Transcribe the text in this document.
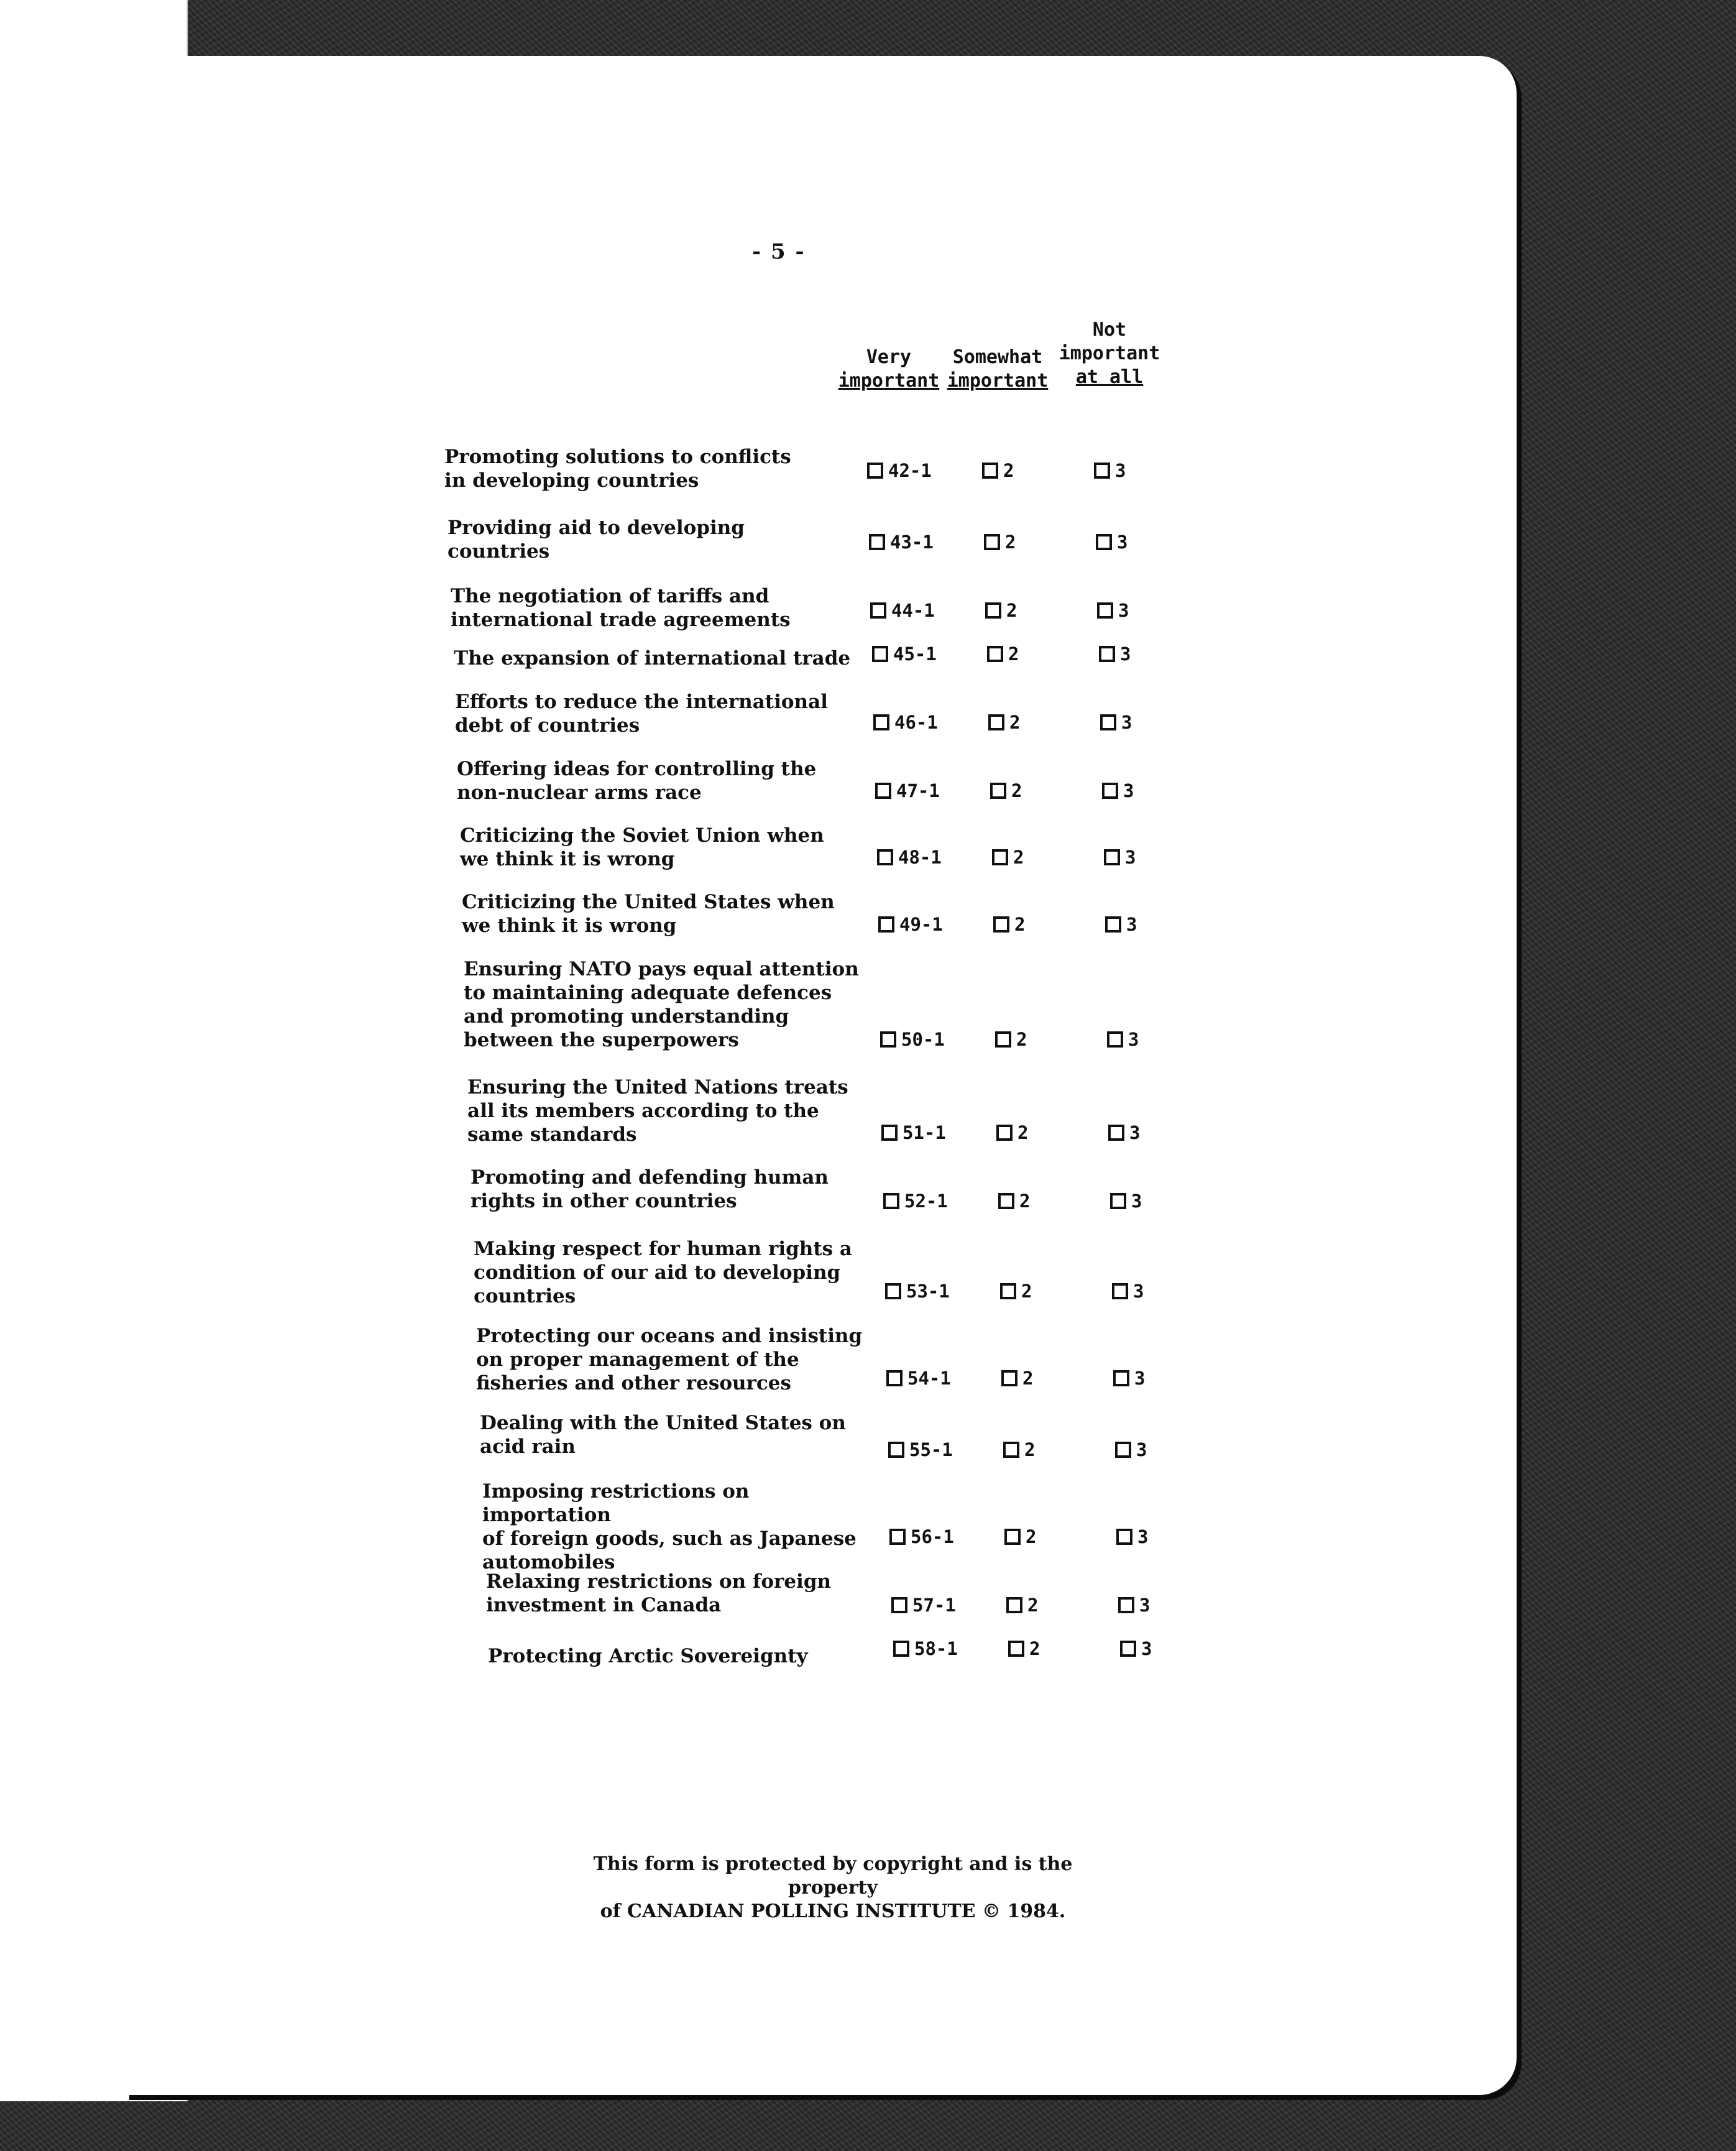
- 5 -

Very
important

Somewhat
important
Not
important
at all
Promoting solutions to conflicts
in developing countries	42-1	2	3
Providing aid to developing
countries	43-1	2	3
The negotiation of tariffs and
international trade agreements	44-1	2	3
The expansion of international trade 45-1	2	3
Efforts to reduce the international
debt of countries	46-1	2	3
Offering ideas for controlling the
non-nuclear arms race	47-1	2	3
Criticizing the Soviet Union when
we think it is wrong	48-1	2	3
Criticizing the United States when
we think it is wrong	49-1	2	3
Ensuring NATO pays equal attention
to maintaining adequate defences
and promoting understanding
between the superpowers	50-1	2	3
Ensuring the United Nations treats
all its members according to the
same standards	51-1	2	3
Promoting and defending human
rights in other countries	52-1	2	3
Making respect for human rights a
condition of our aid to developing
countries	53-1	2	3
Protecting our oceans and insisting
on proper management of the
fisheries and other resources	54-1	2	3
Dealing with the United States on
acid rain	55-1	2	3
Imposing restrictions on importation
of foreign goods, such as Japanese
automobiles
56-1	2	3
Relaxing restrictions on foreign
investment in Canada	57-1	2	3
Protecting Arctic Sovereignty	58-1	2	3
This form is protected by copyright and is the property
of CANADIAN POLLING INSTITUTE © 1984.
